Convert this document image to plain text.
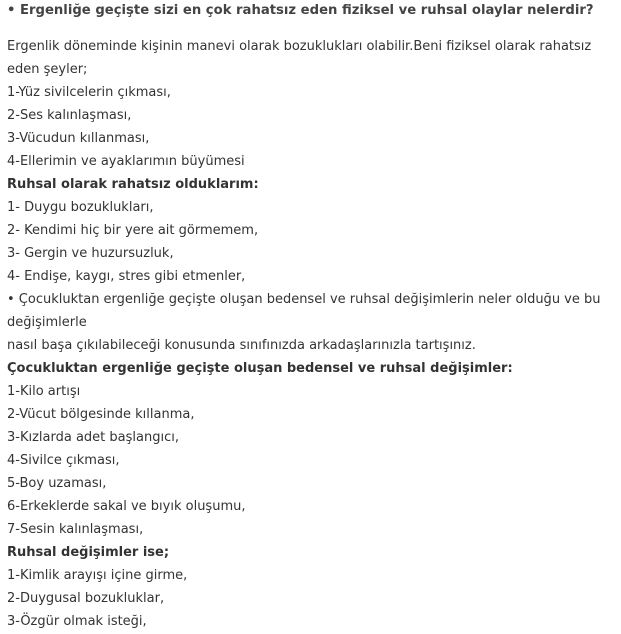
• Ergenliğe geçişte sizi en çok rahatsız eden fiziksel ve ruhsal olaylar nelerdir?
Ergenlik döneminde kişinin manevi olarak bozuklukları olabilir.Beni fiziksel olarak rahatsız eden şeyler;
1-Yüz sivilcelerin çıkması,
2-Ses kalınlaşması,
3-Vücudun kıllanması,
4-Ellerimin ve ayaklarımın büyümesi
Ruhsal olarak rahatsız olduklarım:
1- Duygu bozuklukları,
2- Kendimi hiç bir yere ait görmemem,
3- Gergin ve huzursuzluk,
4- Endişe, kaygı, stres gibi etmenler,
• Çocukluktan ergenliğe geçişte oluşan bedensel ve ruhsal değişimlerin neler olduğu ve bu değişimlerle
nasıl başa çıkılabileceği konusunda sınıfınızda arkadaşlarınızla tartışınız.
Çocukluktan ergenliğe geçişte oluşan bedensel ve ruhsal değişimler:
1-Kilo artışı
2-Vücut bölgesinde kıllanma,
3-Kızlarda adet başlangıcı,
4-Sivilce çıkması,
5-Boy uzaması,
6-Erkeklerde sakal ve bıyık oluşumu,
7-Sesin kalınlaşması,
Ruhsal değişimler ise;
1-Kimlik arayışı içine girme,
2-Duygusal bozukluklar,
3-Özgür olmak isteği,
